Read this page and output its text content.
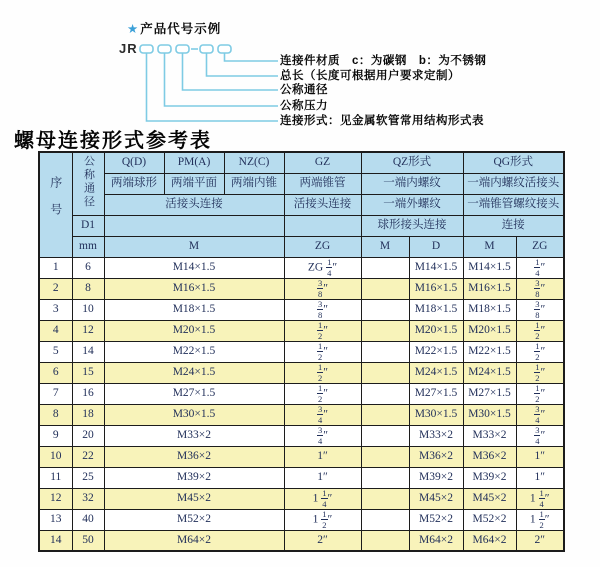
★产品代号示例
JR
连接件材质　c：为碳钢　b：为不锈钢
总长（长度可根据用户要求定制）
公称通径
公称压力
连接形式：见金属软管常用结构形式表
螺母连接形式参考表
序号	公称通径	Q(D)	PM(A)	NZ(C)	GZ	QZ形式		QG形式	
		两端球形	两端平面	两端内锥	两端锥管	一端内螺纹		一端内螺纹活接头	
		活接头连接			活接头连接	一端外螺纹		一端锥管螺纹接头	
	D1					球形接头连接		连接	
	mm	M			ZG	M	D	M	ZG
1	6	M14×1.5			ZG $\frac{1}{4}$ ″		M14×1.5	M14×1.5	$\frac{1}{4}$ ″
2	8	M16×1.5			$\frac{3}{8}$ ″		M16×1.5	M16×1.5	$\frac{3}{8}$ ″
3	10	M18×1.5			$\frac{3}{8}$ ″		M18×1.5	M18×1.5	$\frac{3}{8}$ ″
4	12	M20×1.5			$\frac{1}{2}$ ″		M20×1.5	M20×1.5	$\frac{1}{2}$ ″
5	14	M22×1.5			$\frac{1}{2}$ ″		M22×1.5	M22×1.5	$\frac{1}{2}$ ″
6	15	M24×1.5			$\frac{1}{2}$ ″		M24×1.5	M24×1.5	$\frac{1}{2}$ ″
7	16	M27×1.5			$\frac{1}{2}$ ″		M27×1.5	M27×1.5	$\frac{1}{2}$ ″
8	18	M30×1.5			$\frac{3}{4}$ ″		M30×1.5	M30×1.5	$\frac{3}{4}$ ″
9	20	M33×2			$\frac{3}{4}$ ″		M33×2	M33×2	$\frac{3}{4}$ ″
10	22	M36×2			1″		M36×2	M36×2	1″
11	25	M39×2			1″		M39×2	M39×2	1″
12	32	M45×2			$1 \frac{1}{4}$ ″		M45×2	M45×2	$1 \frac{1}{4}$ ″
13	40	M52×2			$1 \frac{1}{2}$ ″		M52×2	M52×2	$1 \frac{1}{2}$ ″
14	50	M64×2			2″		M64×2	M64×2	2″
